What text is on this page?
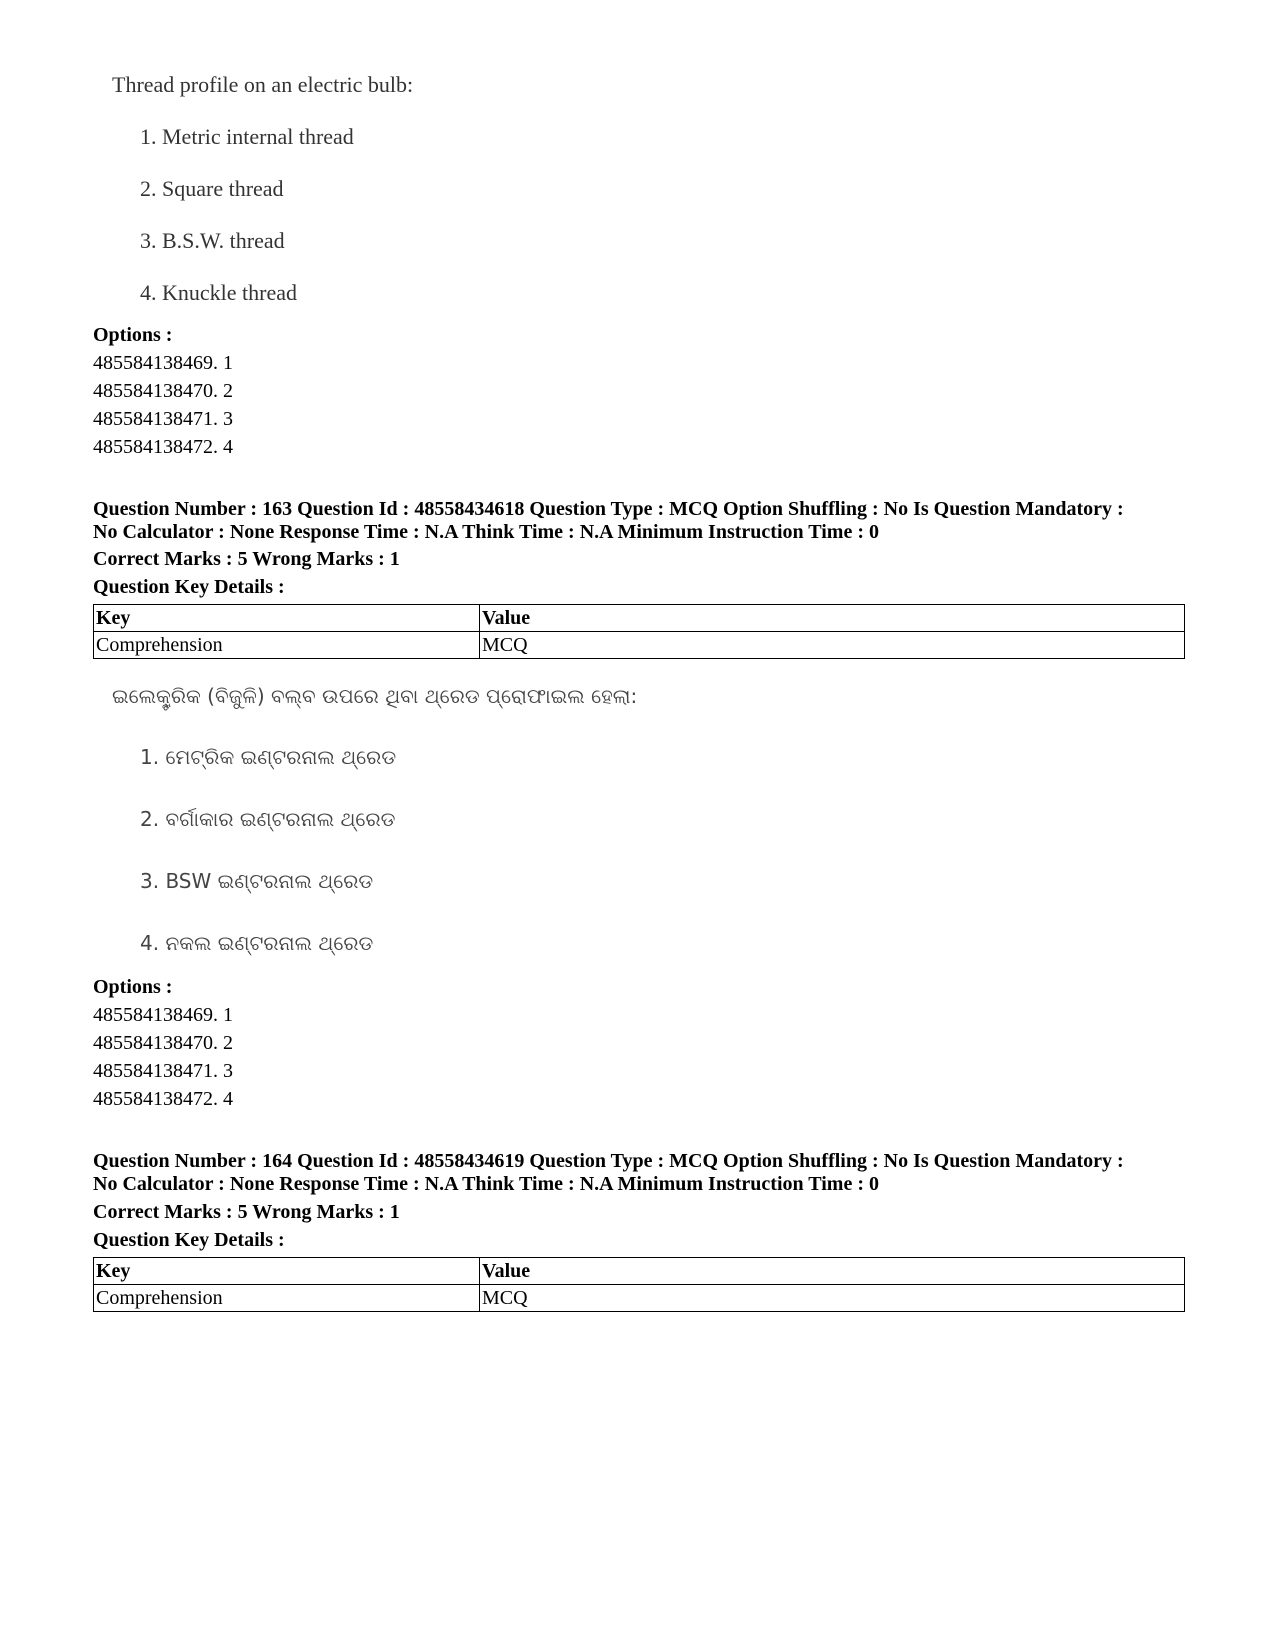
Thread profile on an electric bulb:
1. Metric internal thread
2. Square thread
3. B.S.W. thread
4. Knuckle thread
Options :
485584138469. 1
485584138470. 2
485584138471. 3
485584138472. 4
Question Number : 163 Question Id : 48558434618 Question Type : MCQ Option Shuffling : No Is Question Mandatory :
No Calculator : None Response Time : N.A Think Time : N.A Minimum Instruction Time : 0
Correct Marks : 5 Wrong Marks : 1
Question Key Details :
Key	Value
Comprehension	MCQ
ଇଲେକ୍ଟ୍ରିକ (ବିଜୁଳି) ବଲ୍ବ ଉପରେ ଥିବା ଥ୍ରେଡ ପ୍ରୋଫାଇଲ ହେଲା:
1. ମେଟ୍ରିକ ଇଣ୍ଟରନାଲ ଥ୍ରେଡ
2. ବର୍ଗାକାର ଇଣ୍ଟରନାଲ ଥ୍ରେଡ
3. BSW ଇଣ୍ଟରନାଲ ଥ୍ରେଡ
4. ନକଲ ଇଣ୍ଟରନାଲ ଥ୍ରେଡ
Options :
485584138469. 1
485584138470. 2
485584138471. 3
485584138472. 4
Question Number : 164 Question Id : 48558434619 Question Type : MCQ Option Shuffling : No Is Question Mandatory :
No Calculator : None Response Time : N.A Think Time : N.A Minimum Instruction Time : 0
Correct Marks : 5 Wrong Marks : 1
Question Key Details :
Key	Value
Comprehension	MCQ
